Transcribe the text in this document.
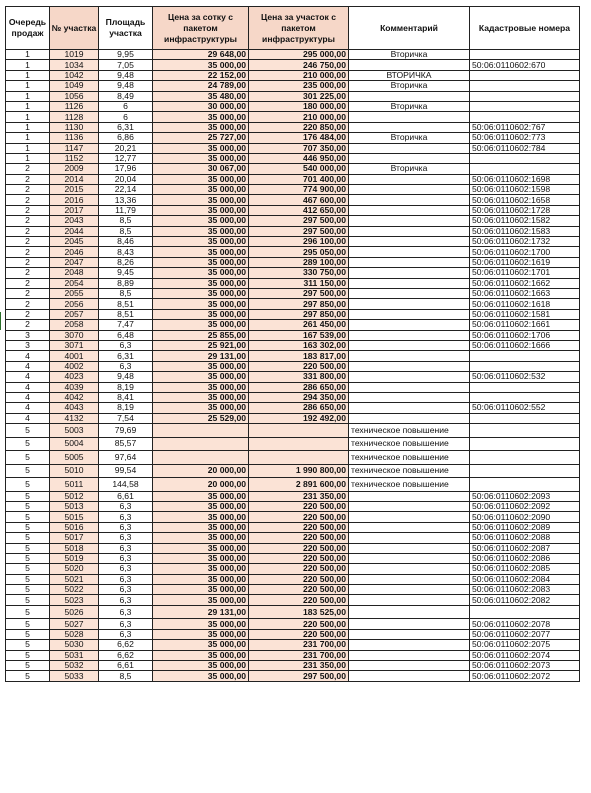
Очередь продаж	№ участка	Площадь участка	Цена за сотку с пакетом инфраструктуры	Цена за участок с пакетом инфраструктуры	Комментарий	Кадастровые номера
1	1019	9,95	29 648,00	295 000,00	Вторичка	
1	1034	7,05	35 000,00	246 750,00		50:06:0110602:670
1	1042	9,48	22 152,00	210 000,00	ВТОРИЧКА	
1	1049	9,48	24 789,00	235 000,00	Вторичка	
1	1056	8,49	35 480,00	301 225,00		
1	1126	6	30 000,00	180 000,00	Вторичка	
1	1128	6	35 000,00	210 000,00		
1	1130	6,31	35 000,00	220 850,00		50:06:0110602:767
1	1136	6,86	25 727,00	176 484,00	Вторичка	50:06:0110602:773
1	1147	20,21	35 000,00	707 350,00		50:06:0110602:784
1	1152	12,77	35 000,00	446 950,00		
2	2009	17,96	30 067,00	540 000,00	Вторичка	
2	2014	20,04	35 000,00	701 400,00		50:06:0110602:1698
2	2015	22,14	35 000,00	774 900,00		50:06:0110602:1598
2	2016	13,36	35 000,00	467 600,00		50:06:0110602:1658
2	2017	11,79	35 000,00	412 650,00		50:06:0110602:1728
2	2043	8,5	35 000,00	297 500,00		50:06:0110602:1582
2	2044	8,5	35 000,00	297 500,00		50:06:0110602:1583
2	2045	8,46	35 000,00	296 100,00		50:06:0110602:1732
2	2046	8,43	35 000,00	295 050,00		50:06:0110602:1700
2	2047	8,26	35 000,00	289 100,00		50:06:0110602:1619
2	2048	9,45	35 000,00	330 750,00		50:06:0110602:1701
2	2054	8,89	35 000,00	311 150,00		50:06:0110602:1662
2	2055	8,5	35 000,00	297 500,00		50:06:0110602:1663
2	2056	8,51	35 000,00	297 850,00		50:06:0110602:1618
2	2057	8,51	35 000,00	297 850,00		50:06:0110602:1581
2	2058	7,47	35 000,00	261 450,00		50:06:0110602:1661
3	3070	6,48	25 855,00	167 539,00		50:06:0110602:1706
3	3071	6,3	25 921,00	163 302,00		50:06:0110602:1666
4	4001	6,31	29 131,00	183 817,00		
4	4002	6,3	35 000,00	220 500,00		
4	4023	9,48	35 000,00	331 800,00		50:06:0110602:532
4	4039	8,19	35 000,00	286 650,00		
4	4042	8,41	35 000,00	294 350,00		
4	4043	8,19	35 000,00	286 650,00		50:06:0110602:552
4	4132	7,54	25 529,00	192 492,00		
5	5003	79,69			техническое повышение	
5	5004	85,57			техническое повышение	
5	5005	97,64			техническое повышение	
5	5010	99,54	20 000,00	1 990 800,00	техническое повышение	
5	5011	144,58	20 000,00	2 891 600,00	техническое повышение	
5	5012	6,61	35 000,00	231 350,00		50:06:0110602:2093
5	5013	6,3	35 000,00	220 500,00		50:06:0110602:2092
5	5015	6,3	35 000,00	220 500,00		50:06:0110602:2090
5	5016	6,3	35 000,00	220 500,00		50:06:0110602:2089
5	5017	6,3	35 000,00	220 500,00		50:06:0110602:2088
5	5018	6,3	35 000,00	220 500,00		50:06:0110602:2087
5	5019	6,3	35 000,00	220 500,00		50:06:0110602:2086
5	5020	6,3	35 000,00	220 500,00		50:06:0110602:2085
5	5021	6,3	35 000,00	220 500,00		50:06:0110602:2084
5	5022	6,3	35 000,00	220 500,00		50:06:0110602:2083
5	5023	6,3	35 000,00	220 500,00		50:06:0110602:2082
5	5026	6,3	29 131,00	183 525,00		
5	5027	6,3	35 000,00	220 500,00		50:06:0110602:2078
5	5028	6,3	35 000,00	220 500,00		50:06:0110602:2077
5	5030	6,62	35 000,00	231 700,00		50:06:0110602:2075
5	5031	6,62	35 000,00	231 700,00		50:06:0110602:2074
5	5032	6,61	35 000,00	231 350,00		50:06:0110602:2073
5	5033	8,5	35 000,00	297 500,00		50:06:0110602:2072
